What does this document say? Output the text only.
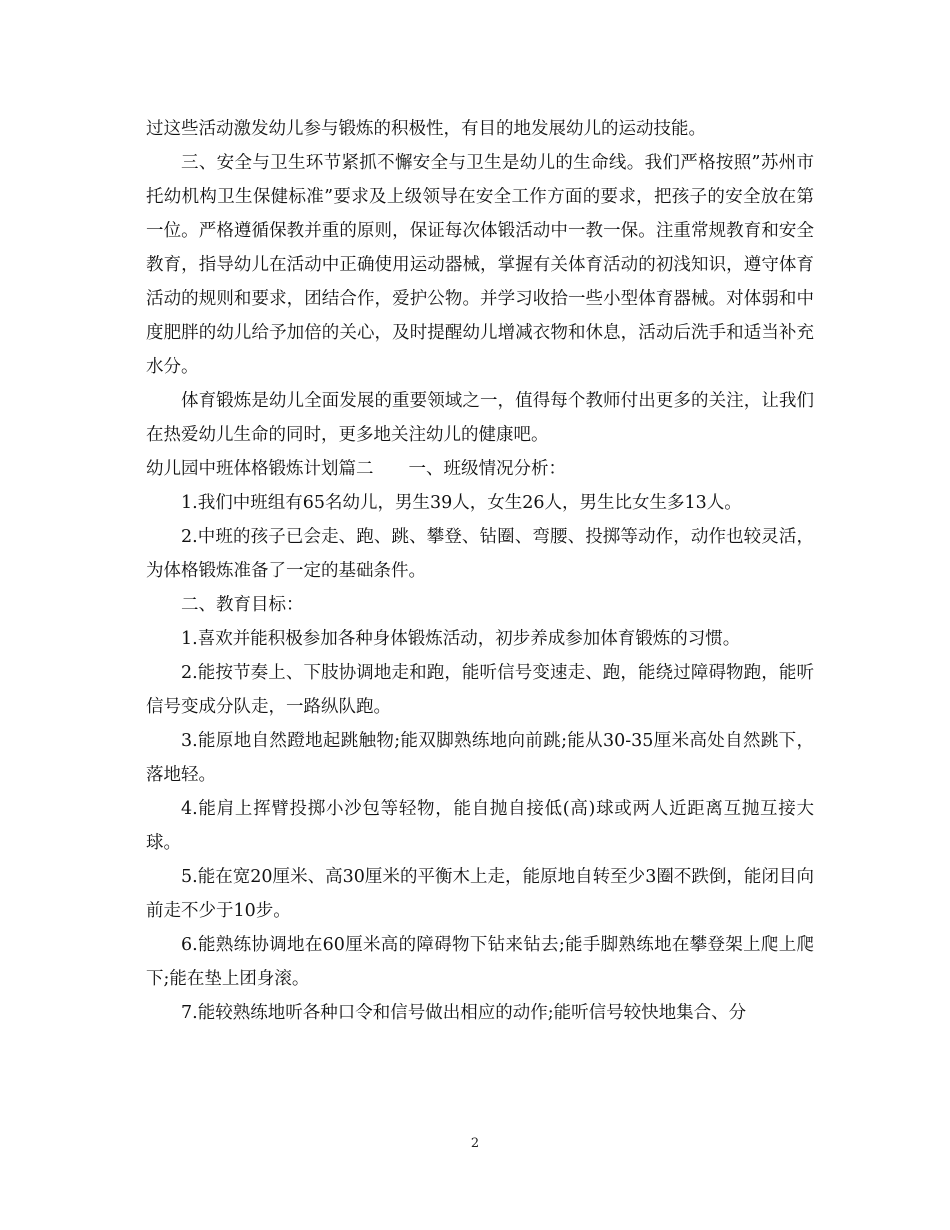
过这些活动激发幼儿参与锻炼的积极性，有目的地发展幼儿的运动技能。

三、安全与卫生环节紧抓不懈安全与卫生是幼儿的生命线。我们严格按照”苏州市托幼机构卫生保健标准”要求及上级领导在安全工作方面的要求，把孩子的安全放在第一位。严格遵循保教并重的原则，保证每次体锻活动中一教一保。注重常规教育和安全教育，指导幼儿在活动中正确使用运动器械，掌握有关体育活动的初浅知识，遵守体育活动的规则和要求，团结合作，爱护公物。并学习收拾一些小型体育器械。对体弱和中度肥胖的幼儿给予加倍的关心，及时提醒幼儿增减衣物和休息，活动后洗手和适当补充水分。

体育锻炼是幼儿全面发展的重要领域之一，值得每个教师付出更多的关注，让我们在热爱幼儿生命的同时，更多地关注幼儿的健康吧。

幼儿园中班体格锻炼计划篇二　　一、班级情况分析：

1.我们中班组有65名幼儿，男生39人，女生26人，男生比女生多13人。

2.中班的孩子已会走、跑、跳、攀登、钻圈、弯腰、投掷等动作，动作也较灵活，为体格锻炼准备了一定的基础条件。

二、教育目标：

1.喜欢并能积极参加各种身体锻炼活动，初步养成参加体育锻炼的习惯。

2.能按节奏上、下肢协调地走和跑，能听信号变速走、跑，能绕过障碍物跑，能听信号变成分队走，一路纵队跑。

3.能原地自然蹬地起跳触物;能双脚熟练地向前跳;能从30-35厘米高处自然跳下，落地轻。

4.能肩上挥臂投掷小沙包等轻物，能自抛自接低(高)球或两人近距离互抛互接大球。

5.能在宽20厘米、高30厘米的平衡木上走，能原地自转至少3圈不跌倒，能闭目向前走不少于10步。

6.能熟练协调地在60厘米高的障碍物下钻来钻去;能手脚熟练地在攀登架上爬上爬下;能在垫上团身滚。

7.能较熟练地听各种口令和信号做出相应的动作;能听信号较快地集合、分

2
